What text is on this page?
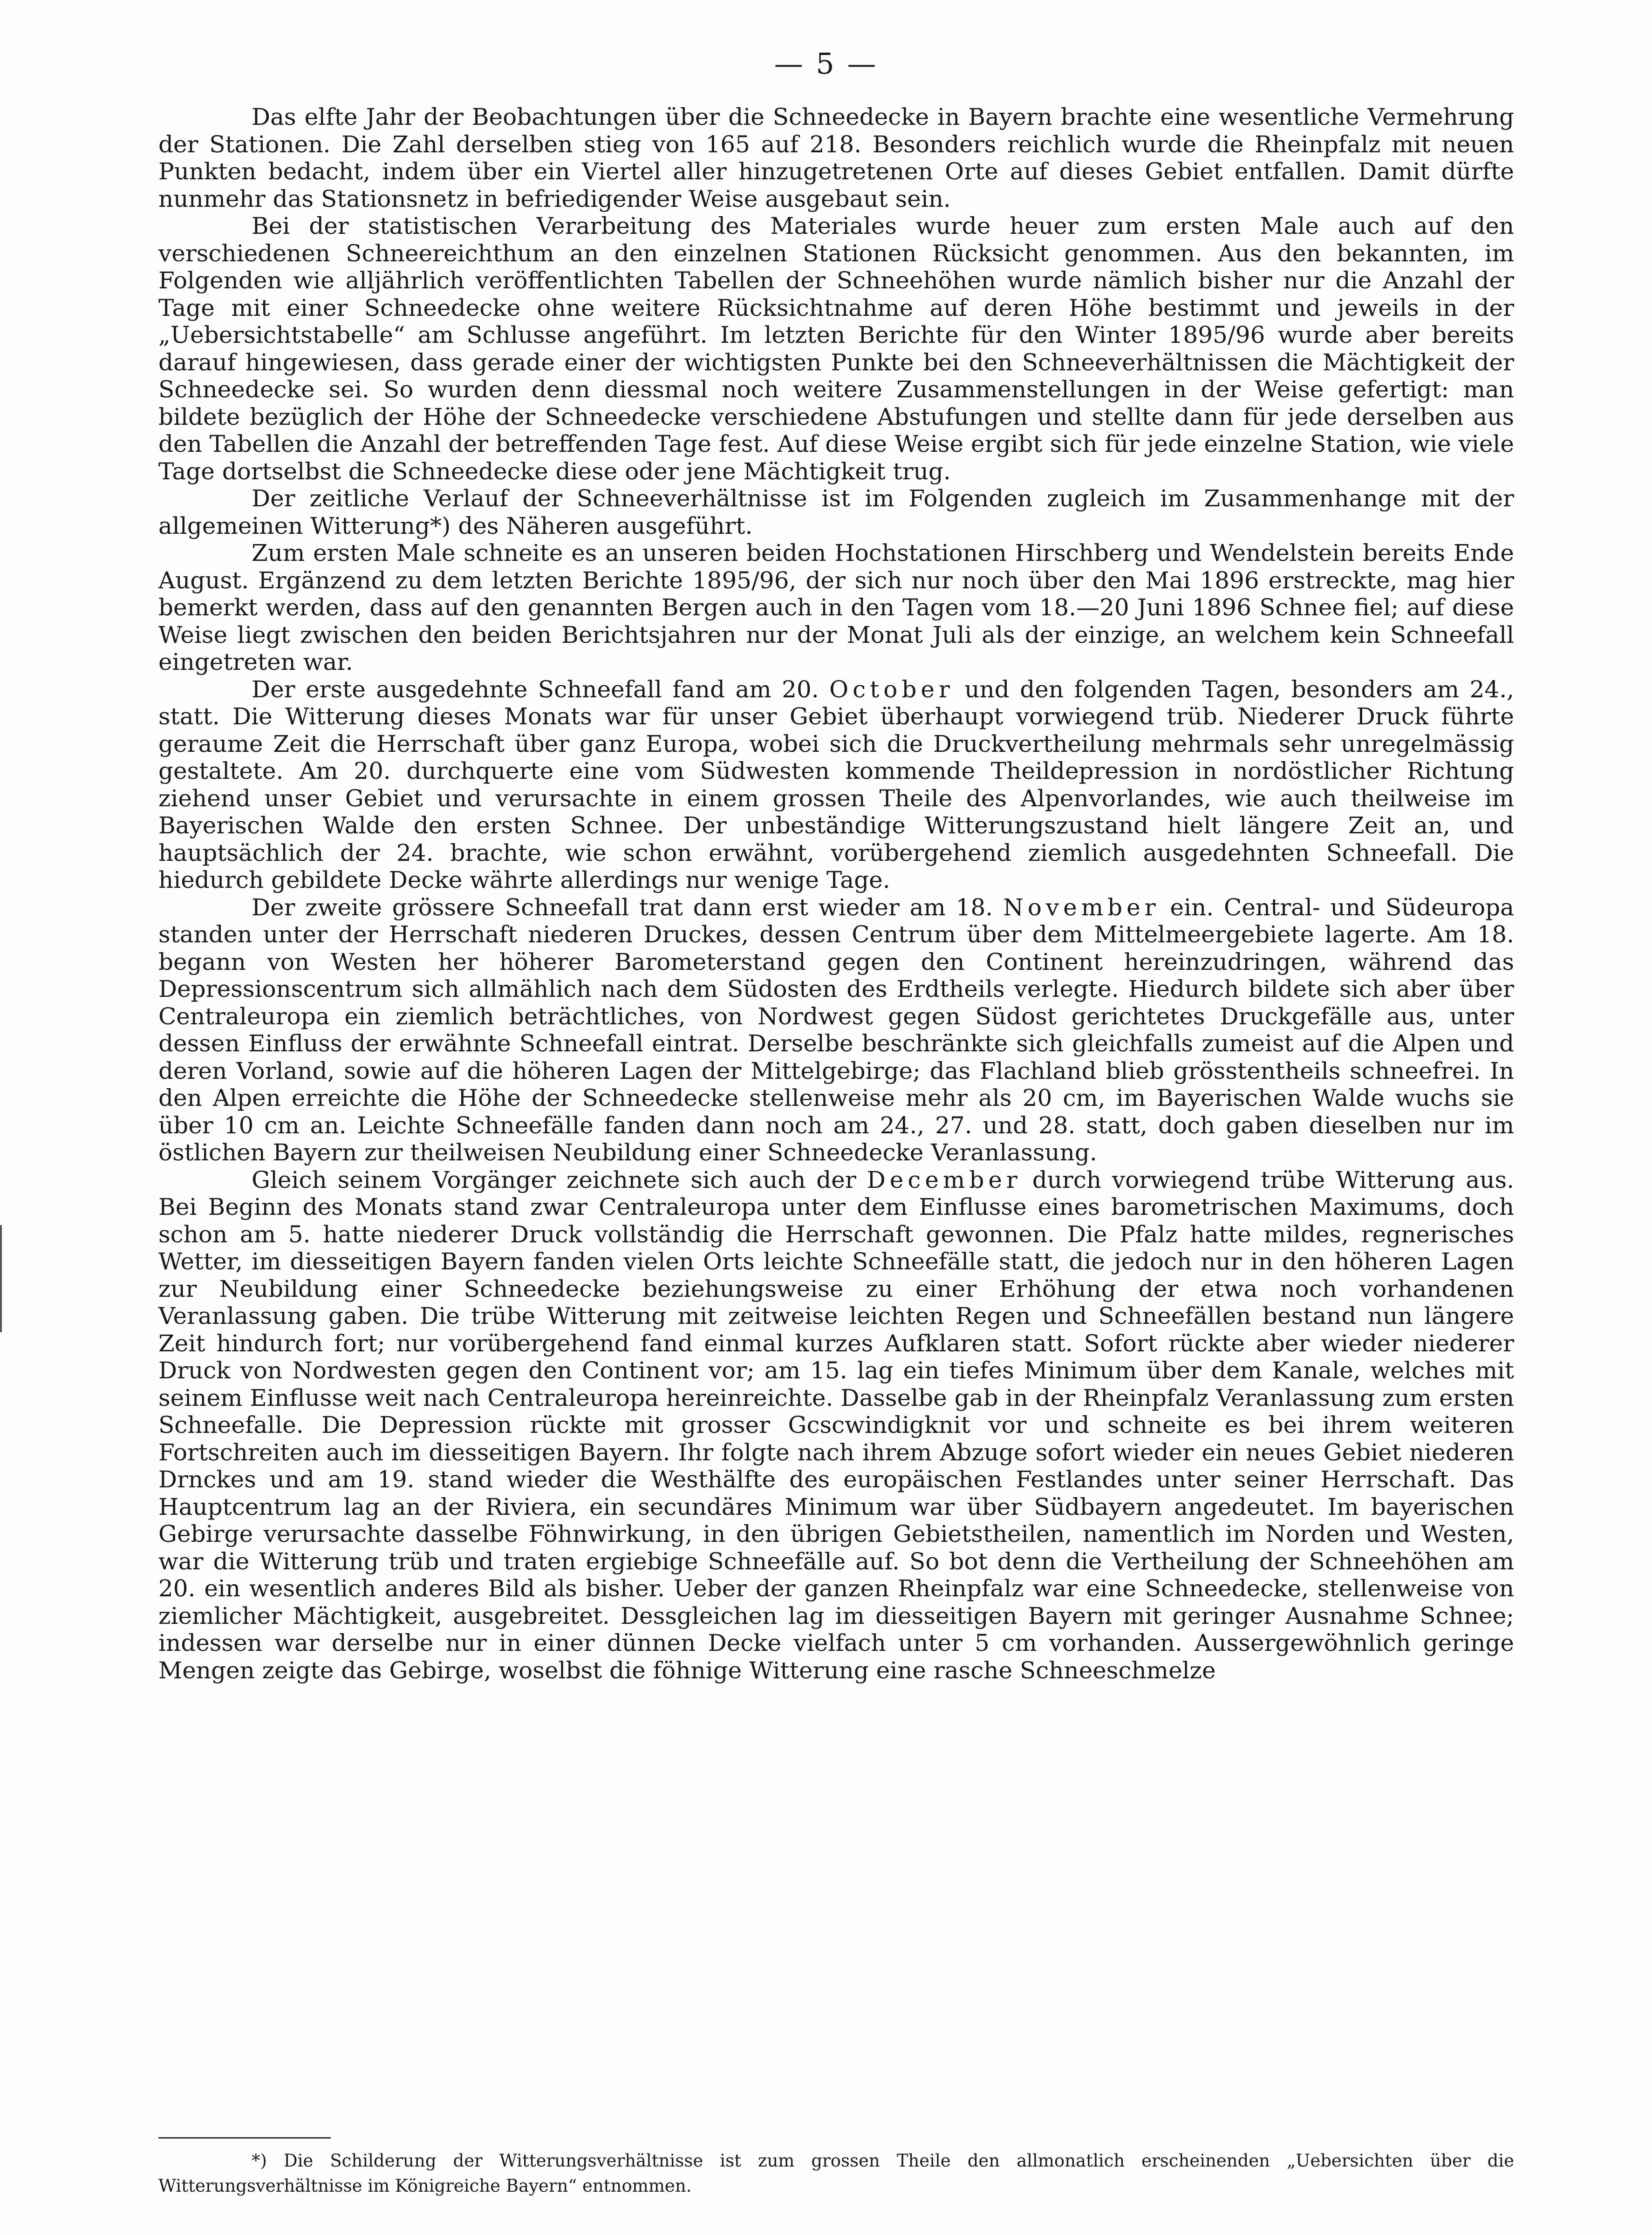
— 5 —

Das elfte Jahr der Beobachtungen über die Schneedecke in Bayern brachte eine wesentliche Vermehrung der Stationen. Die Zahl derselben stieg von 165 auf 218. Besonders reichlich wurde die Rheinpfalz mit neuen Punkten bedacht, indem über ein Viertel aller hinzugetretenen Orte auf dieses Gebiet entfallen. Damit dürfte nunmehr das Stationsnetz in befriedigender Weise ausgebaut sein.

Bei der statistischen Verarbeitung des Materiales wurde heuer zum ersten Male auch auf den verschiedenen Schneereichthum an den einzelnen Stationen Rücksicht genommen. Aus den bekannten, im Folgenden wie alljährlich veröffentlichten Tabellen der Schneehöhen wurde nämlich bisher nur die Anzahl der Tage mit einer Schneedecke ohne weitere Rücksichtnahme auf deren Höhe bestimmt und jeweils in der „Uebersichtstabelle“ am Schlusse angeführt. Im letzten Berichte für den Winter 1895/96 wurde aber bereits darauf hingewiesen, dass gerade einer der wichtigsten Punkte bei den Schneeverhältnissen die Mächtigkeit der Schneedecke sei. So wurden denn diessmal noch weitere Zusammenstellungen in der Weise gefertigt: man bildete bezüglich der Höhe der Schneedecke verschiedene Abstufungen und stellte dann für jede derselben aus den Tabellen die Anzahl der betreffenden Tage fest. Auf diese Weise ergibt sich für jede einzelne Station, wie viele Tage dortselbst die Schneedecke diese oder jene Mächtigkeit trug.

Der zeitliche Verlauf der Schneeverhältnisse ist im Folgenden zugleich im Zusammenhange mit der allgemeinen Witterung*) des Näheren ausgeführt.

Zum ersten Male schneite es an unseren beiden Hochstationen Hirschberg und Wendelstein bereits Ende August. Ergänzend zu dem letzten Berichte 1895/96, der sich nur noch über den Mai 1896 erstreckte, mag hier bemerkt werden, dass auf den genannten Bergen auch in den Tagen vom 18.—20 Juni 1896 Schnee fiel; auf diese Weise liegt zwischen den beiden Berichtsjahren nur der Monat Juli als der einzige, an welchem kein Schneefall eingetreten war.

Der erste ausgedehnte Schneefall fand am 20. October und den folgenden Tagen, besonders am 24., statt. Die Witterung dieses Monats war für unser Gebiet überhaupt vorwiegend trüb. Niederer Druck führte geraume Zeit die Herrschaft über ganz Europa, wobei sich die Druckvertheilung mehrmals sehr unregelmässig gestaltete. Am 20. durchquerte eine vom Südwesten kommende Theildepression in nordöstlicher Richtung ziehend unser Gebiet und verursachte in einem grossen Theile des Alpenvorlandes, wie auch theilweise im Bayerischen Walde den ersten Schnee. Der unbeständige Witterungszustand hielt längere Zeit an, und hauptsächlich der 24. brachte, wie schon erwähnt, vorübergehend ziemlich ausgedehnten Schneefall. Die hiedurch gebildete Decke währte allerdings nur wenige Tage.

Der zweite grössere Schneefall trat dann erst wieder am 18. November ein. Central- und Südeuropa standen unter der Herrschaft niederen Druckes, dessen Centrum über dem Mittelmeergebiete lagerte. Am 18. begann von Westen her höherer Barometerstand gegen den Continent hereinzudringen, während das Depressionscentrum sich allmählich nach dem Südosten des Erdtheils verlegte. Hiedurch bildete sich aber über Centraleuropa ein ziemlich beträchtliches, von Nordwest gegen Südost gerichtetes Druckgefälle aus, unter dessen Einfluss der erwähnte Schneefall eintrat. Derselbe beschränkte sich gleichfalls zumeist auf die Alpen und deren Vorland, sowie auf die höheren Lagen der Mittelgebirge; das Flachland blieb grösstentheils schneefrei. In den Alpen erreichte die Höhe der Schneedecke stellenweise mehr als 20 cm, im Bayerischen Walde wuchs sie über 10 cm an. Leichte Schneefälle fanden dann noch am 24., 27. und 28. statt, doch gaben dieselben nur im östlichen Bayern zur theilweisen Neubildung einer Schneedecke Veranlassung.

Gleich seinem Vorgänger zeichnete sich auch der December durch vorwiegend trübe Witterung aus. Bei Beginn des Monats stand zwar Centraleuropa unter dem Einflusse eines barometrischen Maximums, doch schon am 5. hatte niederer Druck vollständig die Herrschaft gewonnen. Die Pfalz hatte mildes, regnerisches Wetter, im diesseitigen Bayern fanden vielen Orts leichte Schneefälle statt, die jedoch nur in den höheren Lagen zur Neubildung einer Schneedecke beziehungsweise zu einer Erhöhung der etwa noch vorhandenen Veranlassung gaben. Die trübe Witterung mit zeitweise leichten Regen und Schneefällen bestand nun längere Zeit hindurch fort; nur vorübergehend fand einmal kurzes Aufklaren statt. Sofort rückte aber wieder niederer Druck von Nordwesten gegen den Continent vor; am 15. lag ein tiefes Minimum über dem Kanale, welches mit seinem Einflusse weit nach Centraleuropa hereinreichte. Dasselbe gab in der Rheinpfalz Veranlassung zum ersten Schneefalle. Die Depression rückte mit grosser Gcscwindigknit vor und schneite es bei ihrem weiteren Fortschreiten auch im diesseitigen Bayern. Ihr folgte nach ihrem Abzuge sofort wieder ein neues Gebiet niederen Drnckes und am 19. stand wieder die Westhälfte des europäischen Festlandes unter seiner Herrschaft. Das Hauptcentrum lag an der Riviera, ein secundäres Minimum war über Südbayern angedeutet. Im bayerischen Gebirge verursachte dasselbe Föhnwirkung, in den übrigen Gebietstheilen, namentlich im Norden und Westen, war die Witterung trüb und traten ergiebige Schneefälle auf. So bot denn die Vertheilung der Schneehöhen am 20. ein wesentlich anderes Bild als bisher. Ueber der ganzen Rheinpfalz war eine Schneedecke, stellenweise von ziemlicher Mächtigkeit, ausgebreitet. Dessgleichen lag im diesseitigen Bayern mit geringer Ausnahme Schnee; indessen war derselbe nur in einer dünnen Decke vielfach unter 5 cm vorhanden. Aussergewöhnlich geringe Mengen zeigte das Gebirge, woselbst die föhnige Witterung eine rasche Schneeschmelze

*) Die Schilderung der Witterungsverhältnisse ist zum grossen Theile den allmonatlich erscheinenden „Uebersichten über die Witterungsverhältnisse im Königreiche Bayern“ entnommen.
